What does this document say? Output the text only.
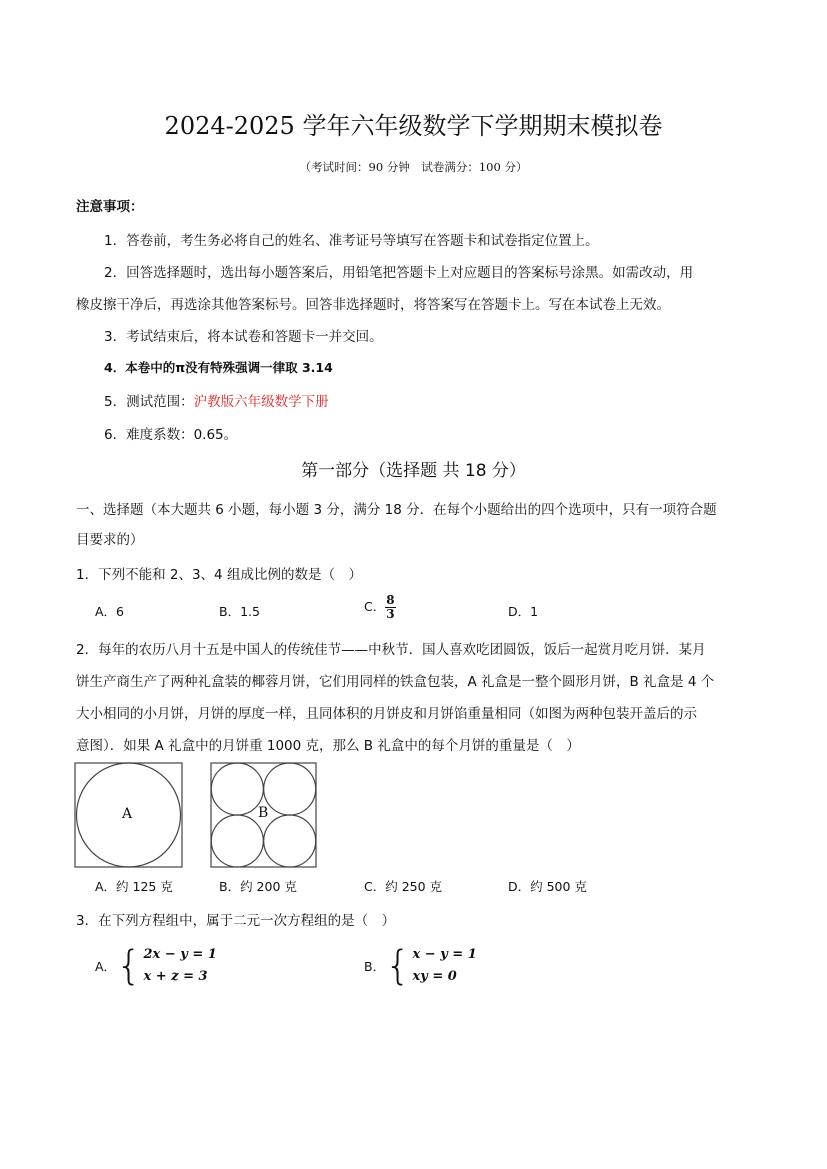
2024-2025 学年六年级数学下学期期末模拟卷
（考试时间：90 分钟　试卷满分：100 分）
注意事项：
1．答卷前，考生务必将自己的姓名、准考证号等填写在答题卡和试卷指定位置上。
2．回答选择题时，选出每小题答案后，用铅笔把答题卡上对应题目的答案标号涂黑。如需改动，用
橡皮擦干净后，再选涂其他答案标号。回答非选择题时，将答案写在答题卡上。写在本试卷上无效。
3．考试结束后，将本试卷和答题卡一并交回。
4．本卷中的π没有特殊强调一律取 3.14
5．测试范围：沪教版六年级数学下册
6．难度系数：0.65。
第一部分（选择题 共 18 分）
一、选择题（本大题共 6 小题，每小题 3 分，满分 18 分．在每个小题给出的四个选项中，只有一项符合题
目要求的）
1．下列不能和 2、3、4 组成比例的数是（　）
A．6	B．1.5	C． $\frac{8}{3}$	D．1
2．每年的农历八月十五是中国人的传统佳节——中秋节．国人喜欢吃团圆饭，饭后一起赏月吃月饼．某月
饼生产商生产了两种礼盒装的椰蓉月饼，它们用同样的铁盒包装，A 礼盒是一整个圆形月饼，B 礼盒是 4 个
大小相同的小月饼，月饼的厚度一样，且同体积的月饼皮和月饼馅重量相同（如图为两种包装开盖后的示
意图）．如果 A 礼盒中的月饼重 1000 克，那么 B 礼盒中的每个月饼的重量是（　）
A	B
A．约 125 克	B．约 200 克	C．约 250 克	D．约 500 克
3．在下列方程组中，属于二元一次方程组的是（　）
A． { 2x − y = 1
x + z = 3
B． { x − y = 1
xy = 0
